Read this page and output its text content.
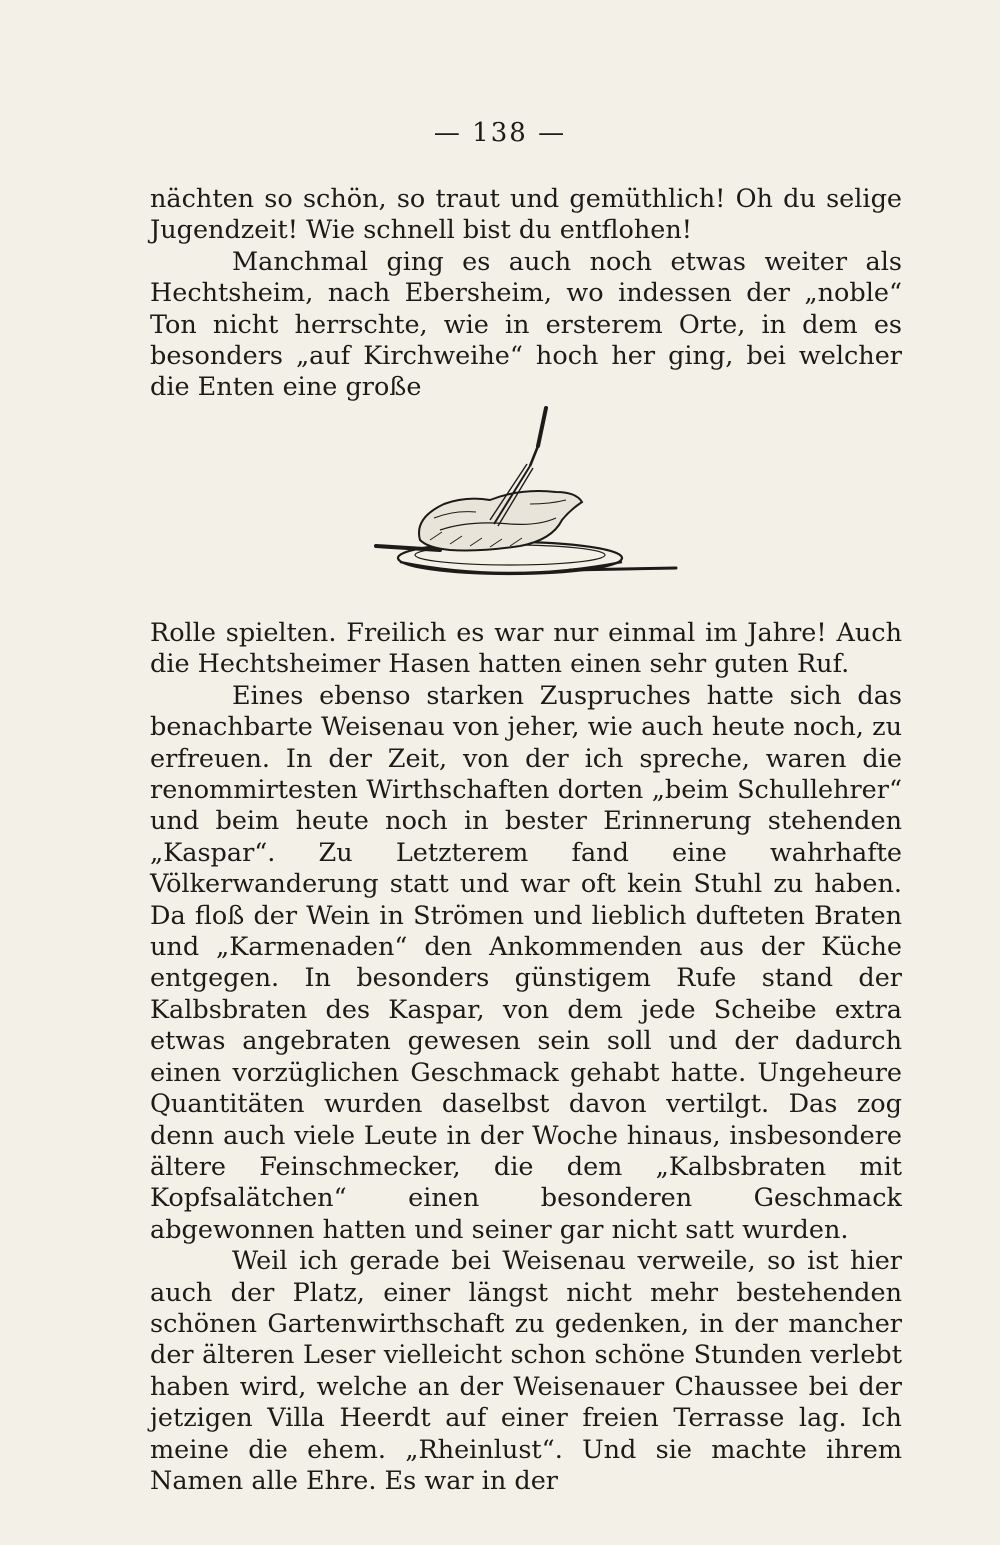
— 138 —

nächten so schön, so traut und gemüthlich! Oh du selige Jugendzeit! Wie schnell bist du entflohen!

Manchmal ging es auch noch etwas weiter als Hechtsheim, nach Ebersheim, wo indessen der „noble“ Ton nicht herrschte, wie in ersterem Orte, in dem es besonders „auf Kirchweihe“ hoch her ging, bei welcher die Enten eine große

Rolle spielten. Freilich es war nur einmal im Jahre! Auch die Hechtsheimer Hasen hatten einen sehr guten Ruf.

Eines ebenso starken Zuspruches hatte sich das benachbarte Weisenau von jeher, wie auch heute noch, zu erfreuen. In der Zeit, von der ich spreche, waren die renommirtesten Wirthschaften dorten „beim Schullehrer“ und beim heute noch in bester Erinnerung stehenden „Kaspar“. Zu Letzterem fand eine wahrhafte Völkerwanderung statt und war oft kein Stuhl zu haben. Da floß der Wein in Strömen und lieblich dufteten Braten und „Karmenaden“ den Ankommenden aus der Küche entgegen. In besonders günstigem Rufe stand der Kalbsbraten des Kaspar, von dem jede Scheibe extra etwas angebraten gewesen sein soll und der dadurch einen vorzüglichen Geschmack gehabt hatte. Ungeheure Quantitäten wurden daselbst davon vertilgt. Das zog denn auch viele Leute in der Woche hinaus, insbesondere ältere Feinschmecker, die dem „Kalbsbraten mit Kopfsalätchen“ einen besonderen Geschmack abgewonnen hatten und seiner gar nicht satt wurden.

Weil ich gerade bei Weisenau verweile, so ist hier auch der Platz, einer längst nicht mehr bestehenden schönen Gartenwirthschaft zu gedenken, in der mancher der älteren Leser vielleicht schon schöne Stunden verlebt haben wird, welche an der Weisenauer Chaussee bei der jetzigen Villa Heerdt auf einer freien Terrasse lag. Ich meine die ehem. „Rheinlust“. Und sie machte ihrem Namen alle Ehre. Es war in der
